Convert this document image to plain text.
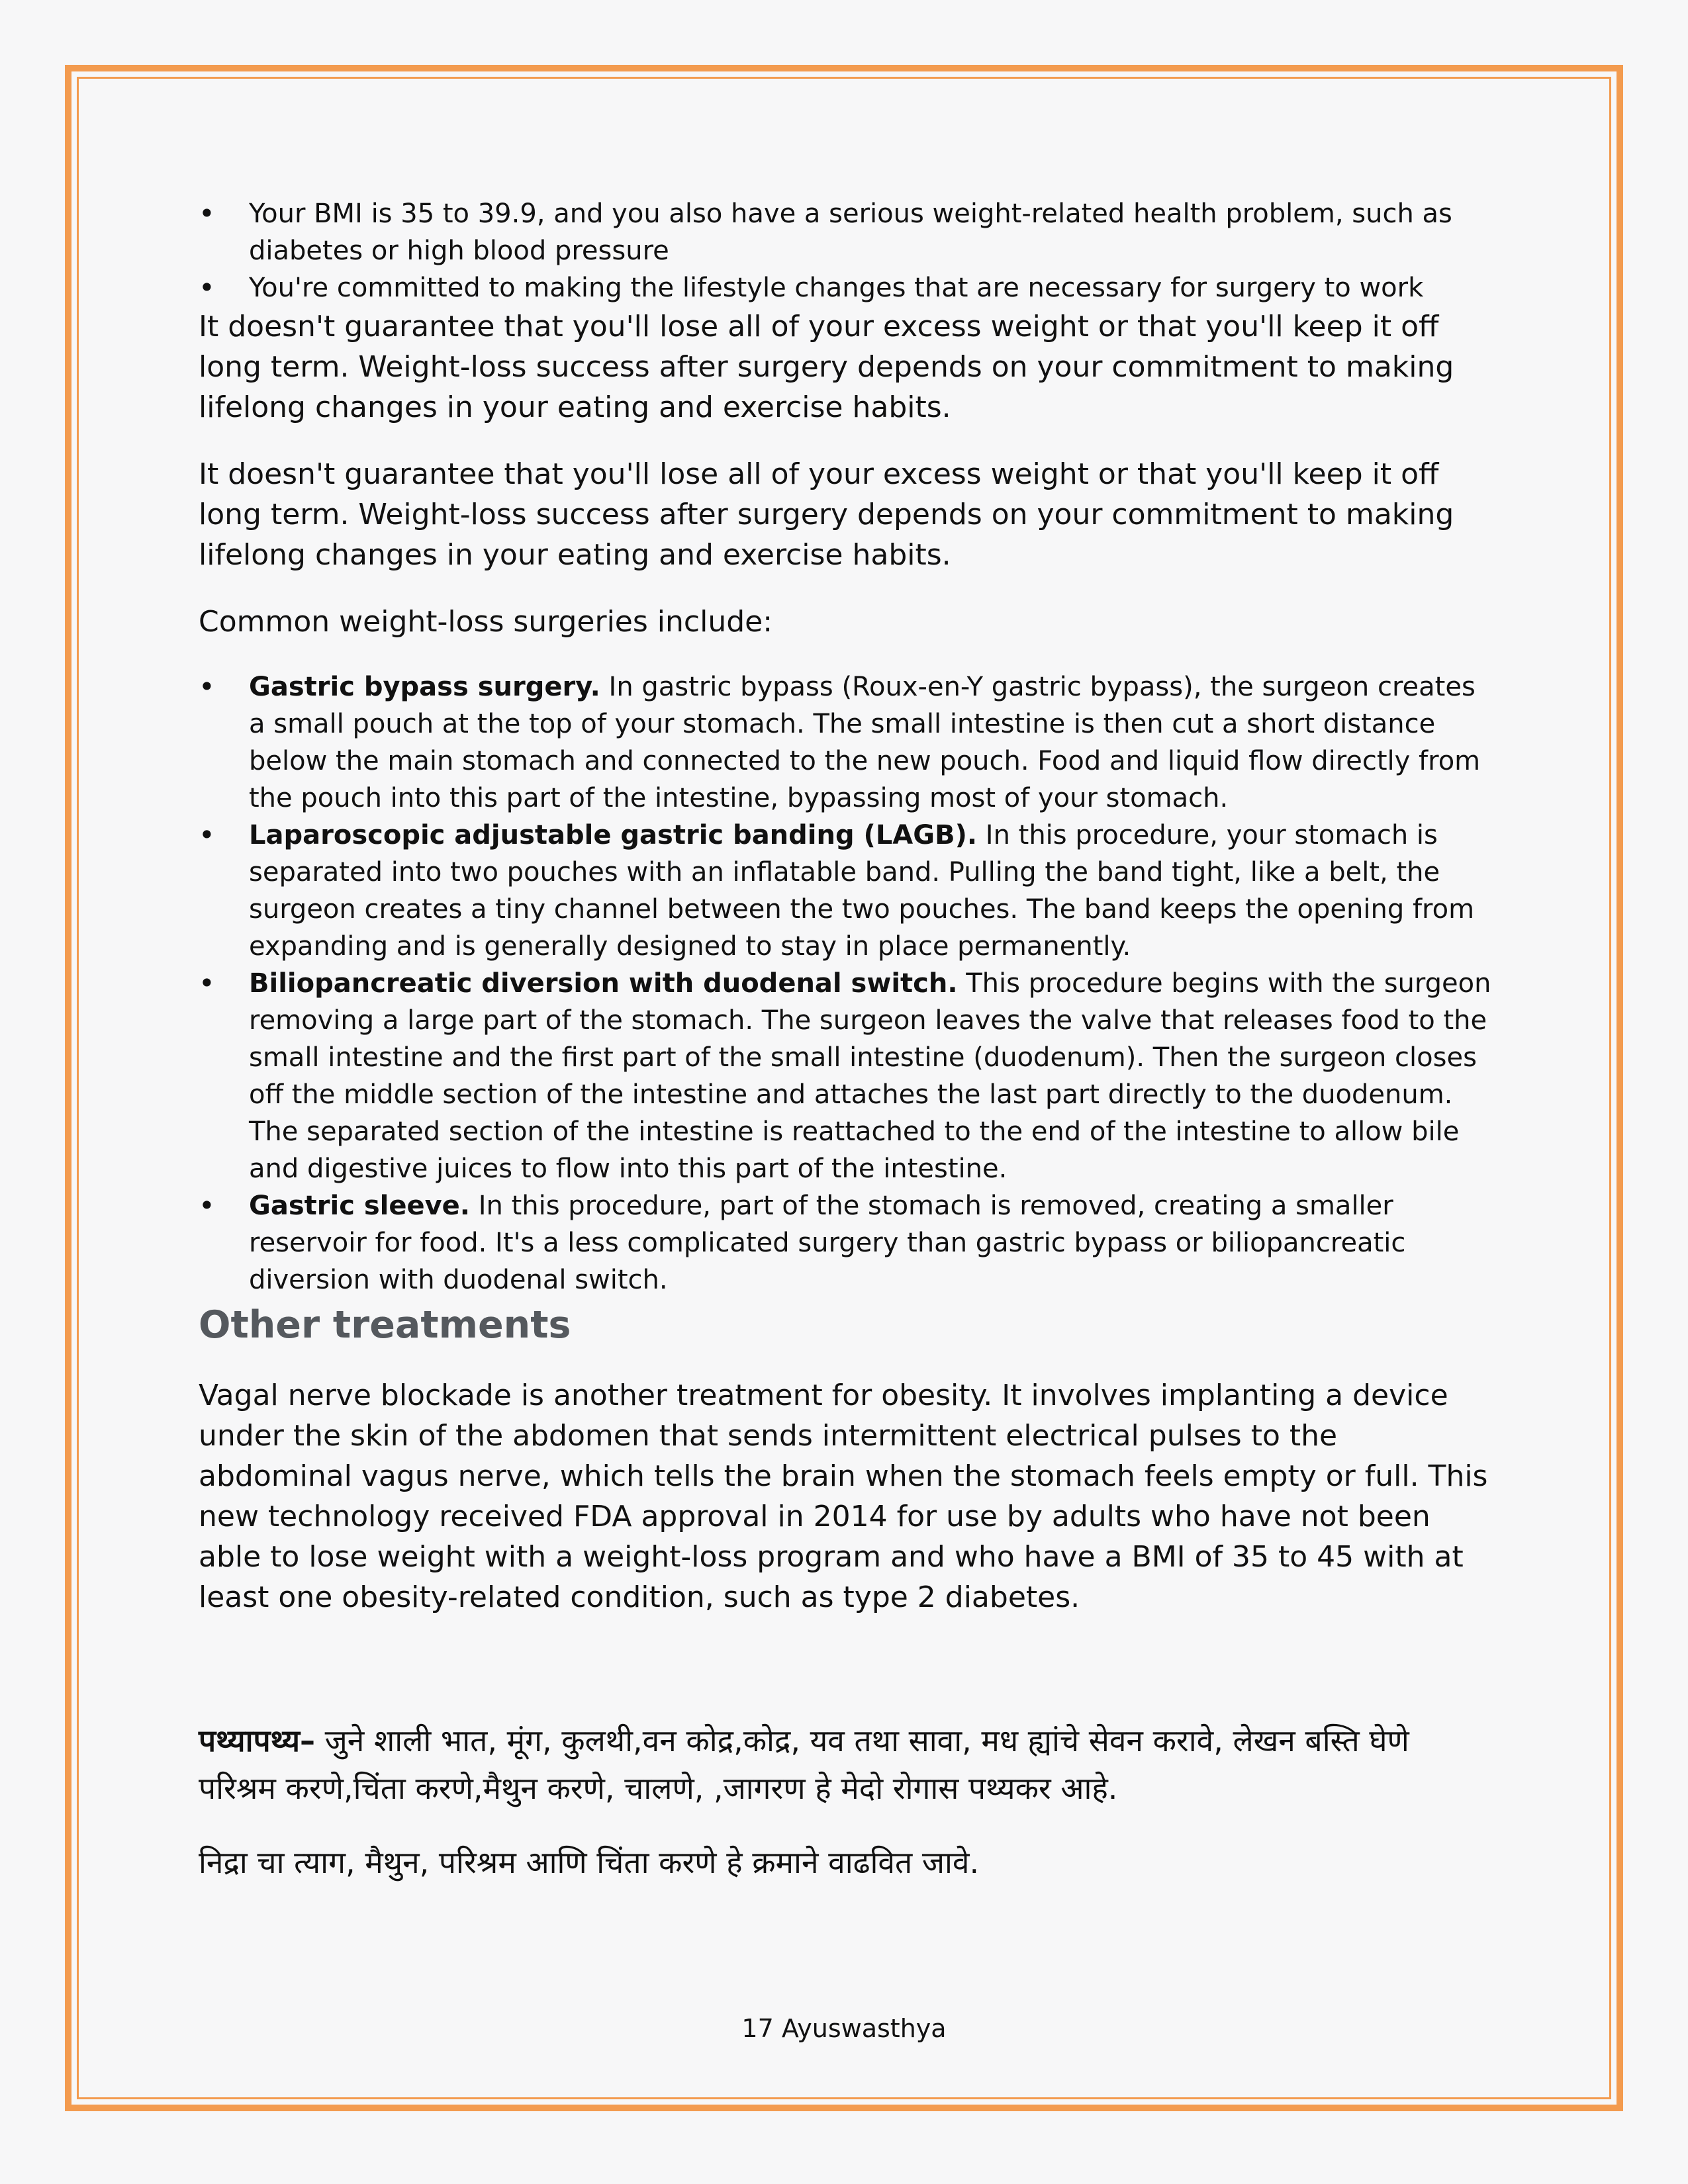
• Your BMI is 35 to 39.9, and you also have a serious weight-related health problem, such as diabetes or high blood pressure
• You're committed to making the lifestyle changes that are necessary for surgery to work

It doesn't guarantee that you'll lose all of your excess weight or that you'll keep it off long term. Weight-loss success after surgery depends on your commitment to making lifelong changes in your eating and exercise habits.

It doesn't guarantee that you'll lose all of your excess weight or that you'll keep it off long term. Weight-loss success after surgery depends on your commitment to making lifelong changes in your eating and exercise habits.

Common weight-loss surgeries include:

• Gastric bypass surgery. In gastric bypass (Roux-en-Y gastric bypass), the surgeon creates a small pouch at the top of your stomach. The small intestine is then cut a short distance below the main stomach and connected to the new pouch. Food and liquid flow directly from the pouch into this part of the intestine, bypassing most of your stomach.
• Laparoscopic adjustable gastric banding (LAGB). In this procedure, your stomach is separated into two pouches with an inflatable band. Pulling the band tight, like a belt, the surgeon creates a tiny channel between the two pouches. The band keeps the opening from expanding and is generally designed to stay in place permanently.
• Biliopancreatic diversion with duodenal switch. This procedure begins with the surgeon removing a large part of the stomach. The surgeon leaves the valve that releases food to the small intestine and the first part of the small intestine (duodenum). Then the surgeon closes off the middle section of the intestine and attaches the last part directly to the duodenum. The separated section of the intestine is reattached to the end of the intestine to allow bile and digestive juices to flow into this part of the intestine.
• Gastric sleeve. In this procedure, part of the stomach is removed, creating a smaller reservoir for food. It's a less complicated surgery than gastric bypass or biliopancreatic diversion with duodenal switch.
Other treatments

Vagal nerve blockade is another treatment for obesity. It involves implanting a device under the skin of the abdomen that sends intermittent electrical pulses to the abdominal vagus nerve, which tells the brain when the stomach feels empty or full. This new technology received FDA approval in 2014 for use by adults who have not been able to lose weight with a weight-loss program and who have a BMI of 35 to 45 with at least one obesity-related condition, such as type 2 diabetes.

पथ्यापथ्य– जुने शाली भात, मूंग, कुलथी,वन कोद्र,कोद्र, यव तथा सावा, मध ह्यांचे सेवन करावे, लेखन बस्ति घेणे परिश्रम करणे,चिंता करणे,मैथुन करणे, चालणे, ,जागरण हे मेदो रोगास पथ्यकर आहे.

निद्रा चा त्याग, मैथुन, परिश्रम आणि चिंता करणे हे क्रमाने वाढवित जावे.

17 Ayuswasthya
